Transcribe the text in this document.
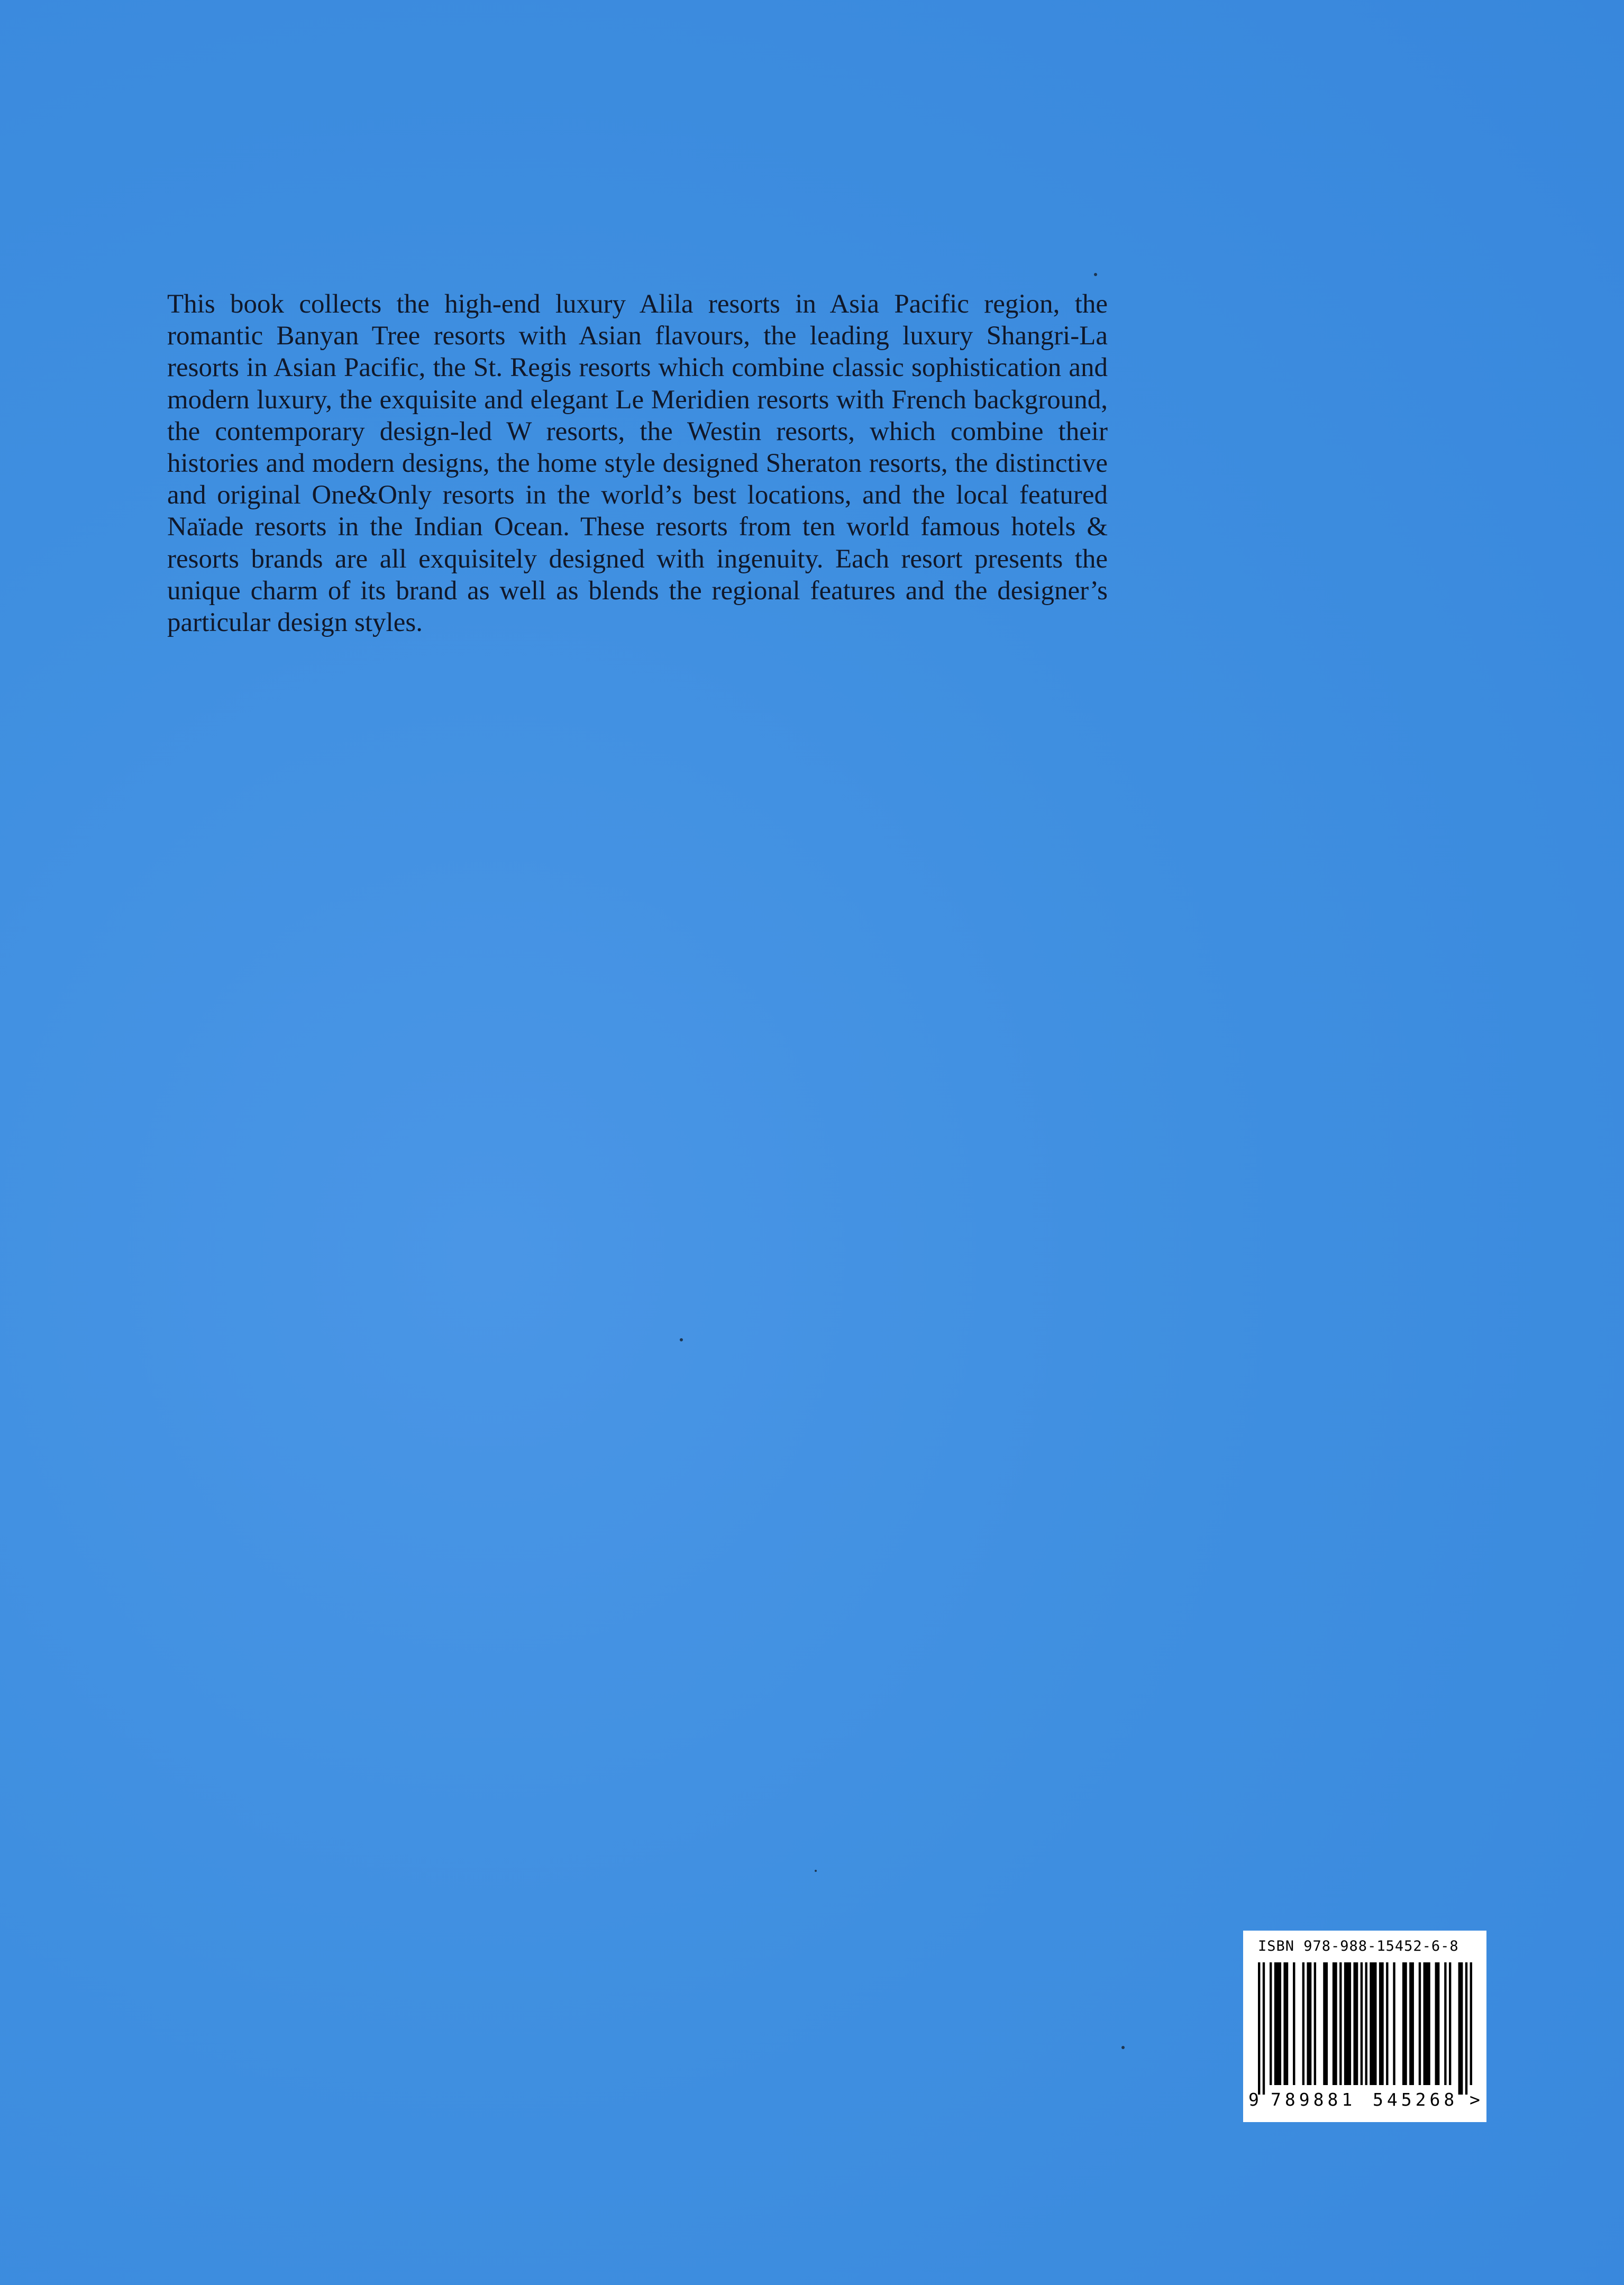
This book collects the high-end luxury Alila resorts in Asia Pacific region, the romantic Banyan Tree resorts with Asian flavours, the leading luxury Shangri-La resorts in Asian Pacific, the St. Regis resorts which combine classic sophistication and modern luxury, the exquisite and elegant Le Meridien resorts with French background, the contemporary design-led W resorts, the Westin resorts, which combine their histories and modern designs, the home style designed Sheraton resorts, the distinctive and original One&Only resorts in the world’s best locations, and the local featured Naïade resorts in the Indian Ocean. These resorts from ten world famous hotels & resorts brands are all exquisitely designed with ingenuity. Each resort presents the unique charm of its brand as well as blends the regional features and the designer’s particular design styles.

ISBN 978-988-15452-6-8
9 789881 545268 >
